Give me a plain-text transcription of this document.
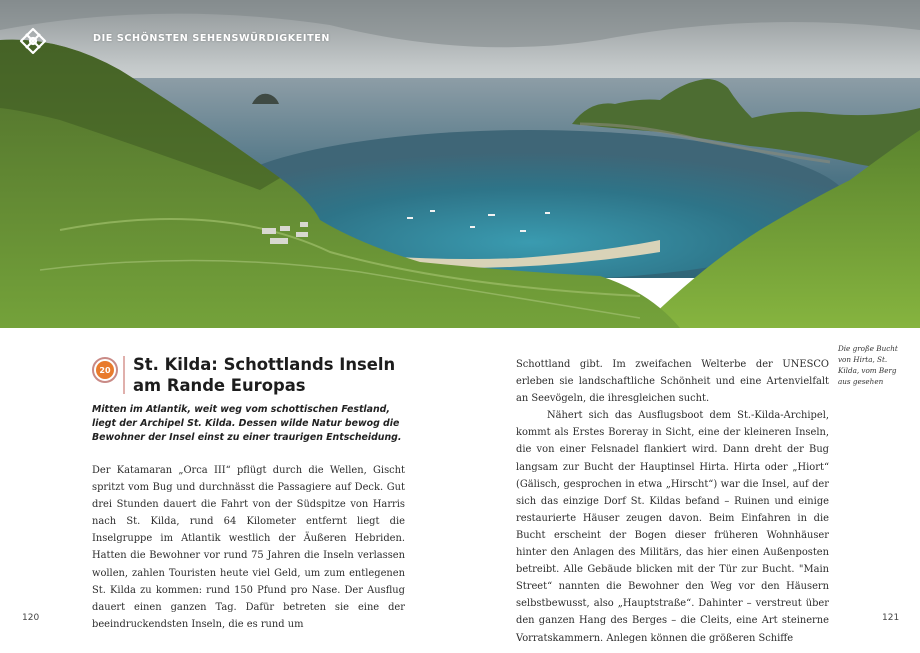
DIE SCHÖNSTEN SEHENSWÜRDIGKEITEN
20 St. Kilda: Schottlands Inseln
am Rande Europas

Mitten im Atlantik, weit weg vom schottischen Festland, liegt der Archipel St. Kilda. Dessen wilde Natur bewog die Bewohner der Insel einst zu einer traurigen Entscheidung.

Der Katamaran „Orca III“ pflügt durch die Wellen, Gischt spritzt vom Bug und durchnässt die Passagiere auf Deck. Gut drei Stunden dauert die Fahrt von der Südspitze von Harris nach St. Kilda, rund 64 Kilometer entfernt liegt die Inselgruppe im Atlantik westlich der Äußeren Hebriden. Hatten die Bewohner vor rund 75 Jahren die Inseln verlassen wollen, zahlen Touristen heute viel Geld, um zum entlegenen St. Kilda zu kommen: rund 150 Pfund pro Nase. Der Ausflug dauert einen ganzen Tag. Dafür betreten sie eine der beeindruckendsten Inseln, die es rund um

Schottland gibt. Im zweifachen Welterbe der UNESCO erleben sie landschaftliche Schönheit und eine Artenvielfalt an Seevögeln, die ihresgleichen sucht.

Nähert sich das Ausflugsboot dem St.-Kilda-Archipel, kommt als Erstes Boreray in Sicht, eine der kleineren Inseln, die von einer Felsnadel flankiert wird. Dann dreht der Bug langsam zur Bucht der Hauptinsel Hirta. Hirta oder „Hiort“ (Gälisch, gesprochen in etwa „Hirscht“) war die Insel, auf der sich das einzige Dorf St. Kildas befand – Ruinen und einige restaurierte Häuser zeugen davon. Beim Einfahren in die Bucht erscheint der Bogen dieser früheren Wohnhäuser hinter den Anlagen des Militärs, das hier einen Außenposten betreibt. Alle Gebäude blicken mit der Tür zur Bucht. "Main Street“ nannten die Bewohner den Weg vor den Häusern selbstbewusst, also „Hauptstraße“. Dahinter – verstreut über den ganzen Hang des Berges – die Cleits, eine Art steinerne Vorratskammern. Anlegen können die größeren Schiffe

Die große Bucht von Hirta, St. Kilda, vom Berg aus gesehen

120	121
